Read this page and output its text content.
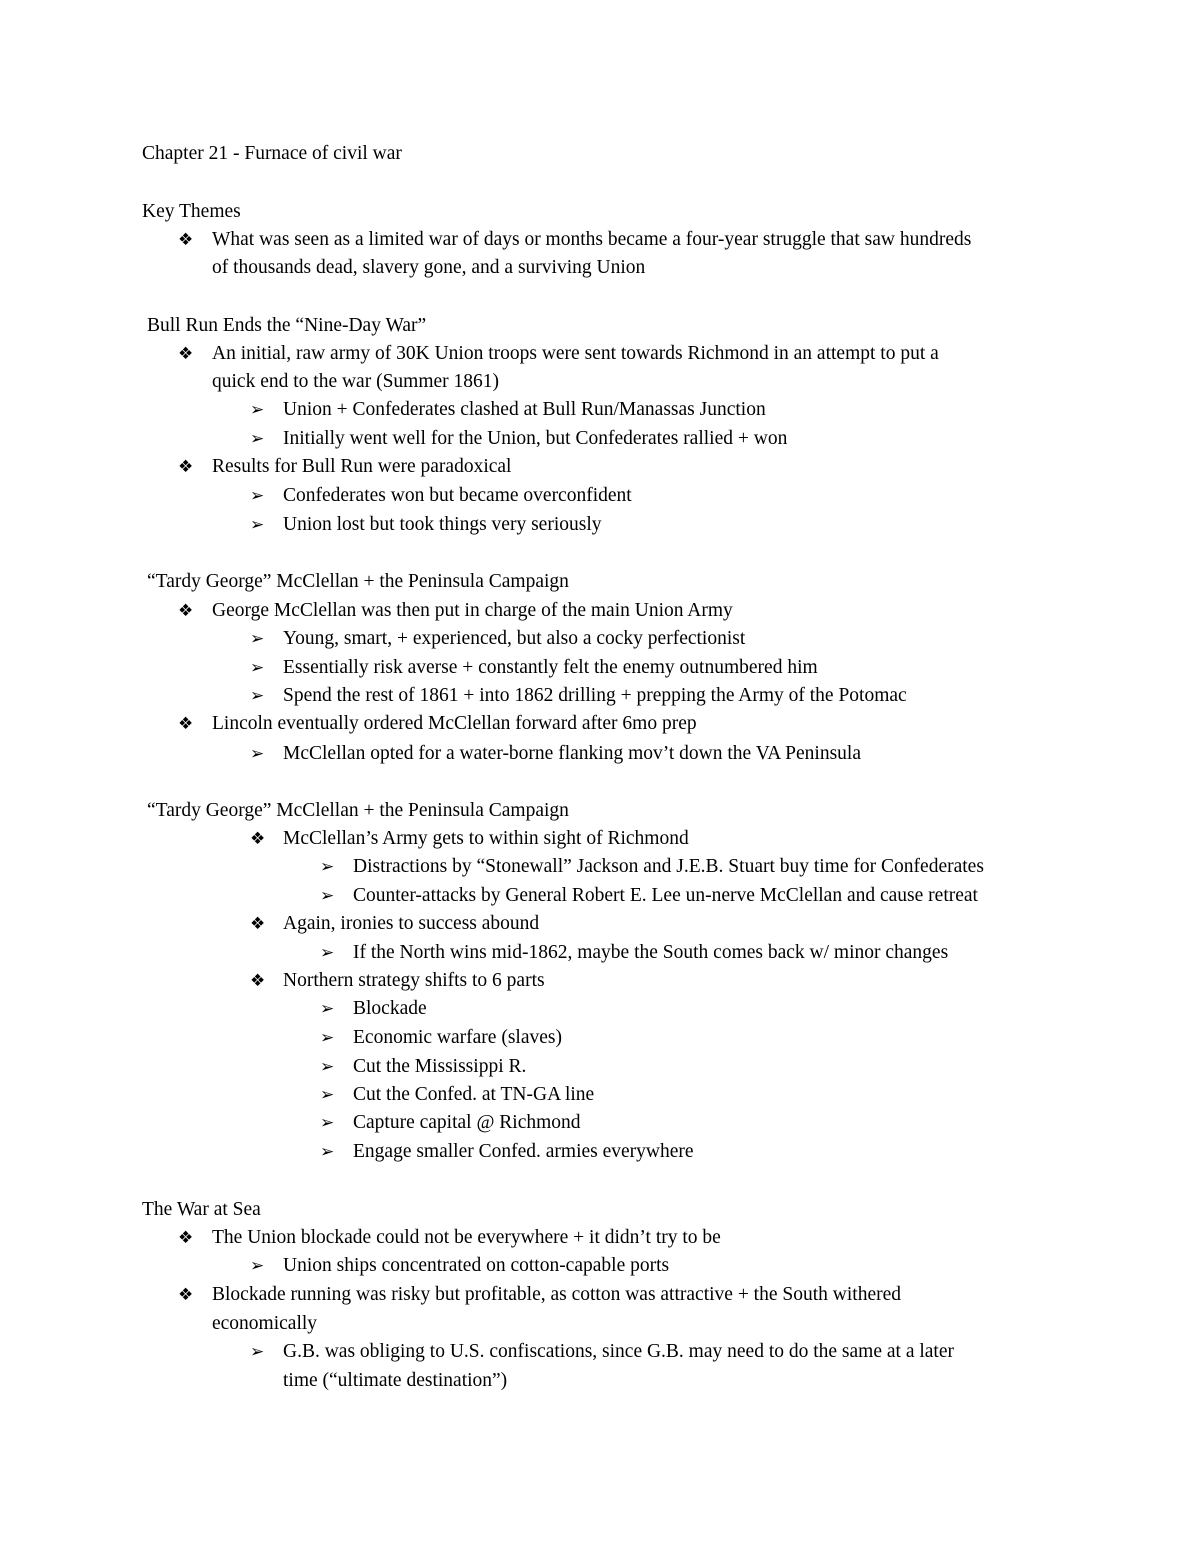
Chapter 21 - Furnace of civil war
Key Themes
❖ What was seen as a limited war of days or months became a four-year struggle that saw hundreds
of thousands dead, slavery gone, and a surviving Union
Bull Run Ends the “Nine-Day War”
❖ An initial, raw army of 30K Union troops were sent towards Richmond in an attempt to put a
quick end to the war (Summer 1861)
➢ Union + Confederates clashed at Bull Run/Manassas Junction
➢ Initially went well for the Union, but Confederates rallied + won
❖ Results for Bull Run were paradoxical
➢ Confederates won but became overconfident
➢ Union lost but took things very seriously
“Tardy George” McClellan + the Peninsula Campaign
❖ George McClellan was then put in charge of the main Union Army
➢ Young, smart, + experienced, but also a cocky perfectionist
➢ Essentially risk averse + constantly felt the enemy outnumbered him
➢ Spend the rest of 1861 + into 1862 drilling + prepping the Army of the Potomac
❖ Lincoln eventually ordered McClellan forward after 6mo prep
➢ McClellan opted for a water-borne flanking mov’t down the VA Peninsula
“Tardy George” McClellan + the Peninsula Campaign
❖ McClellan’s Army gets to within sight of Richmond
➢ Distractions by “Stonewall” Jackson and J.E.B. Stuart buy time for Confederates
➢ Counter-attacks by General Robert E. Lee un-nerve McClellan and cause retreat
❖ Again, ironies to success abound
➢ If the North wins mid-1862, maybe the South comes back w/ minor changes
❖ Northern strategy shifts to 6 parts
➢ Blockade
➢ Economic warfare (slaves)
➢ Cut the Mississippi R.
➢ Cut the Confed. at TN-GA line
➢ Capture capital @ Richmond
➢ Engage smaller Confed. armies everywhere
The War at Sea
❖ The Union blockade could not be everywhere + it didn’t try to be
➢ Union ships concentrated on cotton-capable ports
❖ Blockade running was risky but profitable, as cotton was attractive + the South withered
economically
➢ G.B. was obliging to U.S. confiscations, since G.B. may need to do the same at a later
time (“ultimate destination”)
